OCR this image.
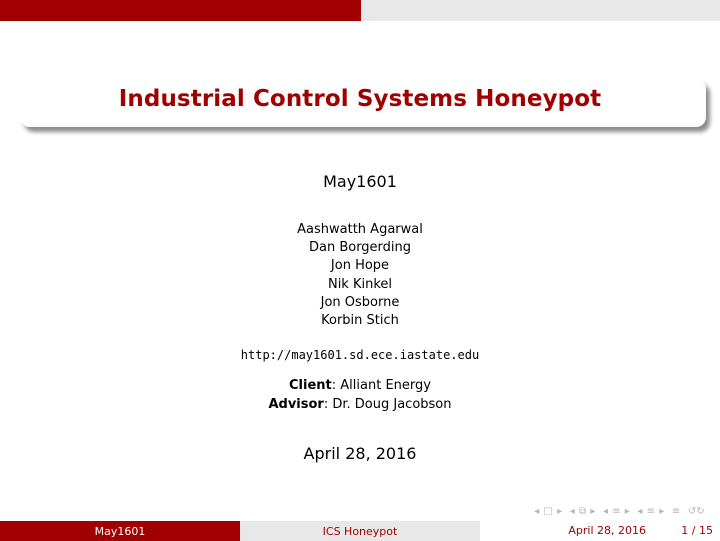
Industrial Control Systems Honeypot
May1601
Aashwatth Agarwal
Dan Borgerding
Jon Hope
Nik Kinkel
Jon Osborne
Korbin Stich
http://may1601.sd.ece.iastate.edu
Client: Alliant Energy
Advisor: Dr. Doug Jacobson
April 28, 2016
◂ □ ▸ ◂ ⧉ ▸ ◂ ≡ ▸ ◂ ≡ ▸ ≡ ↺↻
May1601	ICS Honeypot	April 28, 2016	1 / 15
